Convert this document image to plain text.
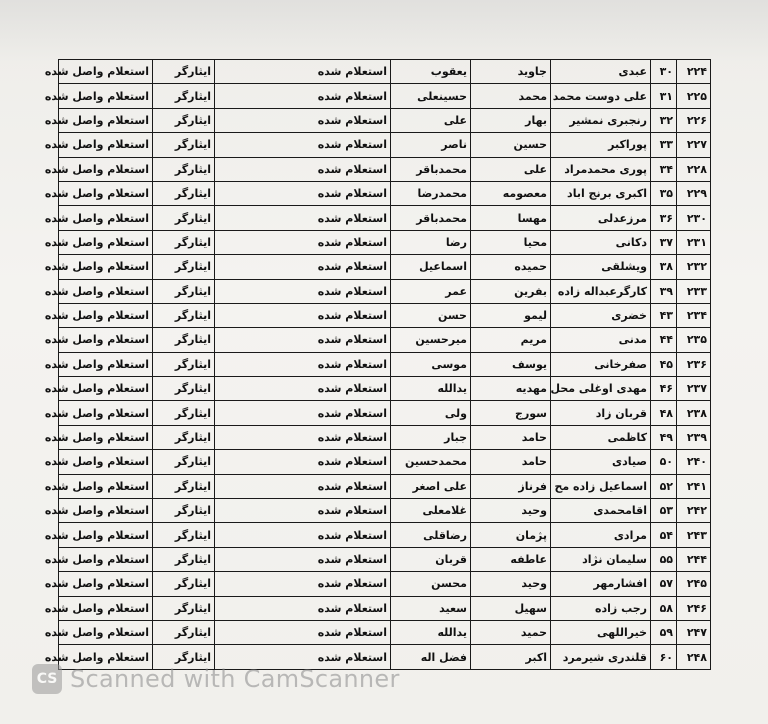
۲۲۴	۳۰	عبدی	جاوید	یعقوب	استعلام شده	ایثارگر	استعلام واصل شده
۲۲۵	۳۱	علی دوست محمد	محمد	حسینعلی	استعلام شده	ایثارگر	استعلام واصل شده
۲۲۶	۳۲	رنجبری نمشیر	بهار	علی	استعلام شده	ایثارگر	استعلام واصل شده
۲۲۷	۳۳	پوراکبر	حسین	ناصر	استعلام شده	ایثارگر	استعلام واصل شده
۲۲۸	۳۴	پوری محمدمراد	علی	محمدباقر	استعلام شده	ایثارگر	استعلام واصل شده
۲۲۹	۳۵	اکبری برنج اباد	معصومه	محمدرضا	استعلام شده	ایثارگر	استعلام واصل شده
۲۳۰	۳۶	مرزعدلی	مهسا	محمدباقر	استعلام شده	ایثارگر	استعلام واصل شده
۲۳۱	۳۷	دکانی	محیا	رضا	استعلام شده	ایثارگر	استعلام واصل شده
۲۳۲	۳۸	ویشلقی	حمیده	اسماعیل	استعلام شده	ایثارگر	استعلام واصل شده
۲۳۳	۳۹	کارگرعبداله زاده	بفرین	عمر	استعلام شده	ایثارگر	استعلام واصل شده
۲۳۴	۴۳	خضری	لیمو	حسن	استعلام شده	ایثارگر	استعلام واصل شده
۲۳۵	۴۴	مدنی	مریم	میرحسین	استعلام شده	ایثارگر	استعلام واصل شده
۲۳۶	۴۵	صفرخانی	یوسف	موسی	استعلام شده	ایثارگر	استعلام واصل شده
۲۳۷	۴۶	مهدی اوغلی محل	مهدیه	یدالله	استعلام شده	ایثارگر	استعلام واصل شده
۲۳۸	۴۸	قربان زاد	سورج	ولی	استعلام شده	ایثارگر	استعلام واصل شده
۲۳۹	۴۹	کاظمی	حامد	جبار	استعلام شده	ایثارگر	استعلام واصل شده
۲۴۰	۵۰	صیادی	حامد	محمدحسین	استعلام شده	ایثارگر	استعلام واصل شده
۲۴۱	۵۲	اسماعیل زاده مح	فرناز	علی اصغر	استعلام شده	ایثارگر	استعلام واصل شده
۲۴۲	۵۳	اقامحمدی	وحید	غلامعلی	استعلام شده	ایثارگر	استعلام واصل شده
۲۴۳	۵۴	مرادی	پژمان	رضاقلی	استعلام شده	ایثارگر	استعلام واصل شده
۲۴۴	۵۵	سلیمان نژاد	عاطفه	قربان	استعلام شده	ایثارگر	استعلام واصل شده
۲۴۵	۵۷	افشارمهر	وحید	محسن	استعلام شده	ایثارگر	استعلام واصل شده
۲۴۶	۵۸	رجب زاده	سهیل	سعید	استعلام شده	ایثارگر	استعلام واصل شده
۲۴۷	۵۹	خیراللهی	حمید	یدالله	استعلام شده	ایثارگر	استعلام واصل شده
۲۴۸	۶۰	قلندری شیرمرد	اکبر	فضل اله	استعلام شده	ایثارگر	استعلام واصل شده
CS Scanned with CamScanner
